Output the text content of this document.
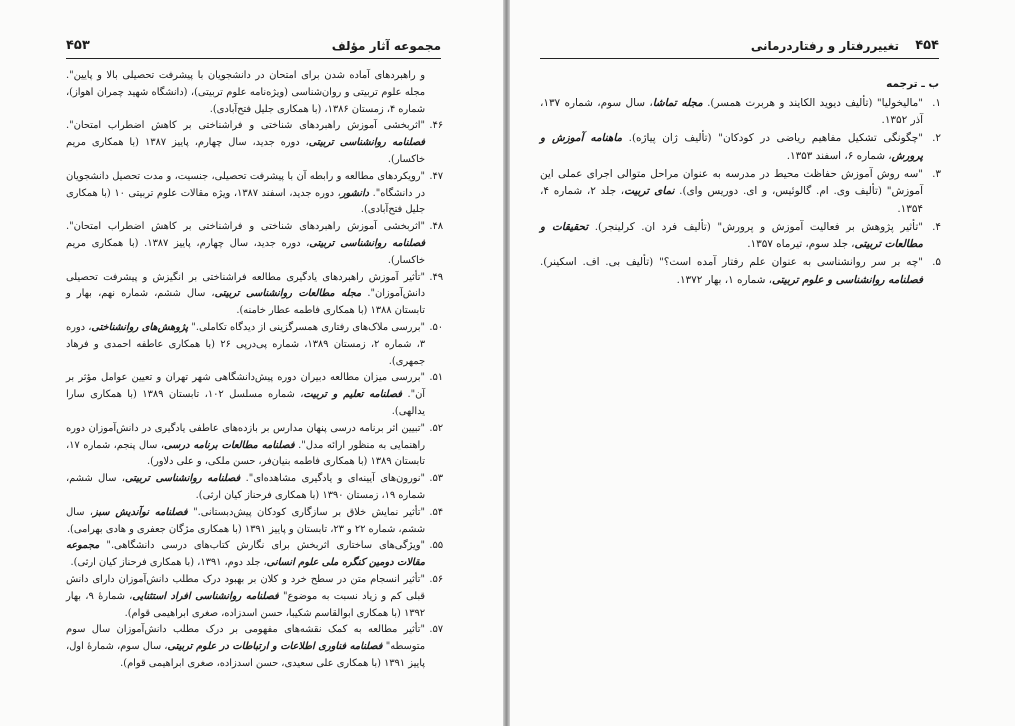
۴۵۳	مجموعه آثار مؤلف

و راهبردهای آماده شدن برای امتحان در دانشجویان با پیشرفت تحصیلی بالا و پایین". مجله علوم تربیتی و روان‌شناسی (ویژه‌نامه علوم تربیتی)، (دانشگاه شهید چمران اهواز)، شماره ۴، زمستان ۱۳۸۶، (با همکاری جلیل فتح‌آبادی).

۴۶.
"اثربخشی آموزش راهبردهای شناختی و فراشناختی بر کاهش اضطراب امتحان". فصلنامه روانشناسی تربیتی، دوره جدید، سال چهارم، پاییز ۱۳۸۷ (با همکاری مریم خاکسار).

۴۷.
"رویکردهای مطالعه و رابطه آن با پیشرفت تحصیلی، جنسیت، و مدت تحصیل دانشجویان در دانشگاه". دانشور، دوره جدید، اسفند ۱۳۸۷، ویژه مقالات علوم تربیتی ۱۰ (با همکاری جلیل فتح‌آبادی).

۴۸.
"اثربخشی آموزش راهبردهای شناختی و فراشناختی بر کاهش اضطراب امتحان". فصلنامه روانشناسی تربیتی، دوره جدید، سال چهارم، پاییز ۱۳۸۷. (با همکاری مریم خاکسار).

۴۹.
"تأثیر آموزش راهبردهای یادگیری مطالعه فراشناختی بر انگیزش و پیشرفت تحصیلی دانش‌آموزان". مجله مطالعات روانشناسی تربیتی، سال ششم، شماره نهم، بهار و تابستان ۱۳۸۸ (با همکاری فاطمه عطار خامنه).

۵۰.
"بررسی ملاک‌های رفتاری همسرگزینی از دیدگاه تکاملی." پژوهش‌های روانشناختی، دوره ۳، شماره ۲، زمستان ۱۳۸۹، شماره پی‌درپی ۲۶ (با همکاری عاطفه احمدی و فرهاد جمهری).

۵۱.
"بررسی میزان مطالعه دبیران دوره پیش‌دانشگاهی شهر تهران و تعیین عوامل مؤثر بر آن". فصلنامه تعلیم و تربیت، شماره مسلسل ۱۰۲، تابستان ۱۳۸۹ (با همکاری سارا یدالهی).

۵۲.
"تبیین اثر برنامه درسی پنهان مدارس بر بازده‌های عاطفی یادگیری در دانش‌آموزان دوره راهنمایی به منظور ارائه مدل". فصلنامه مطالعات برنامه درسی، سال پنجم، شماره ۱۷، تابستان ۱۳۸۹ (با همکاری فاطمه بنیان‌فر، حسن ملکی، و علی دلاور).

۵۳.
"نورون‌های آیینه‌ای و یادگیری مشاهده‌ای". فصلنامه روانشناسی تربیتی، سال ششم، شماره ۱۹، زمستان ۱۳۹۰ (با همکاری فرحناز کیان ارثی).

۵۴.
"تأثیر نمایش خلاق بر سازگاری کودکان پیش‌دبستانی." فصلنامه نوآندیش سبز، سال ششم، شماره ۲۲ و ۲۳، تابستان و پاییز ۱۳۹۱ (با همکاری مژگان جعفری و هادی بهرامی).

۵۵.
"ویژگی‌های ساختاری اثربخش برای نگارش کتاب‌های درسی دانشگاهی." مجموعه مقالات دومین کنگره ملی علوم انسانی، جلد دوم، ۱۳۹۱، (با همکاری فرحناز کیان ارثی).

۵۶.
"تأثیر انسجام متن در سطح خرد و کلان بر بهبود درک مطلب دانش‌آموزان دارای دانش قبلی کم و زیاد نسبت به موضوع" فصلنامه روانشناسی افراد استثنایی، شمارهٔ ۹، بهار ۱۳۹۲ (با همکاری ابوالقاسم شکیبا، حسن اسدزاده، صغری ابراهیمی قوام).

۵۷.
"تأثیر مطالعه به کمک نقشه‌های مفهومی بر درک مطلب دانش‌آموزان سال سوم متوسطه" فصلنامه فناوری اطلاعات و ارتباطات در علوم تربیتی، سال سوم، شمارهٔ اول، پاییز ۱۳۹۱ (با همکاری علی سعیدی، حسن اسدزاده، صغری ابراهیمی قوام).

۴۵۴
تغییررفتار و رفتاردرمانی

ب ـ ترجمه

۱.
"مالیخولیا" (تألیف دیوید الکایند و هربرت همسر). مجله تماشا، سال سوم، شماره ۱۳۷، آذر ۱۳۵۲.

۲.
"چگونگی تشکیل مفاهیم ریاضی در کودکان" (تألیف ژان پیاژه). ماهنامه آموزش و پرورش، شماره ۶، اسفند ۱۳۵۳.

۳.
"سه روش آموزش حفاظت محیط در مدرسه به عنوان مراحل متوالی اجرای عملی این آموزش" (تألیف وی. ام. گالوئیس، و ای. دوریس وای). نمای تربیت، جلد ۲، شماره ۴، ۱۳۵۴.

۴.
"تأثیر پژوهش بر فعالیت آموزش و پرورش" (تألیف فرد ان. کرلینجر). تحقیقات و مطالعات تربیتی، جلد سوم، تیرماه ۱۳۵۷.

۵.
"چه بر سر روانشناسی به عنوان علم رفتار آمده است؟" (تألیف بی. اف. اسکینر). فصلنامه روانشناسی و علوم تربیتی، شماره ۱، بهار ۱۳۷۲.
